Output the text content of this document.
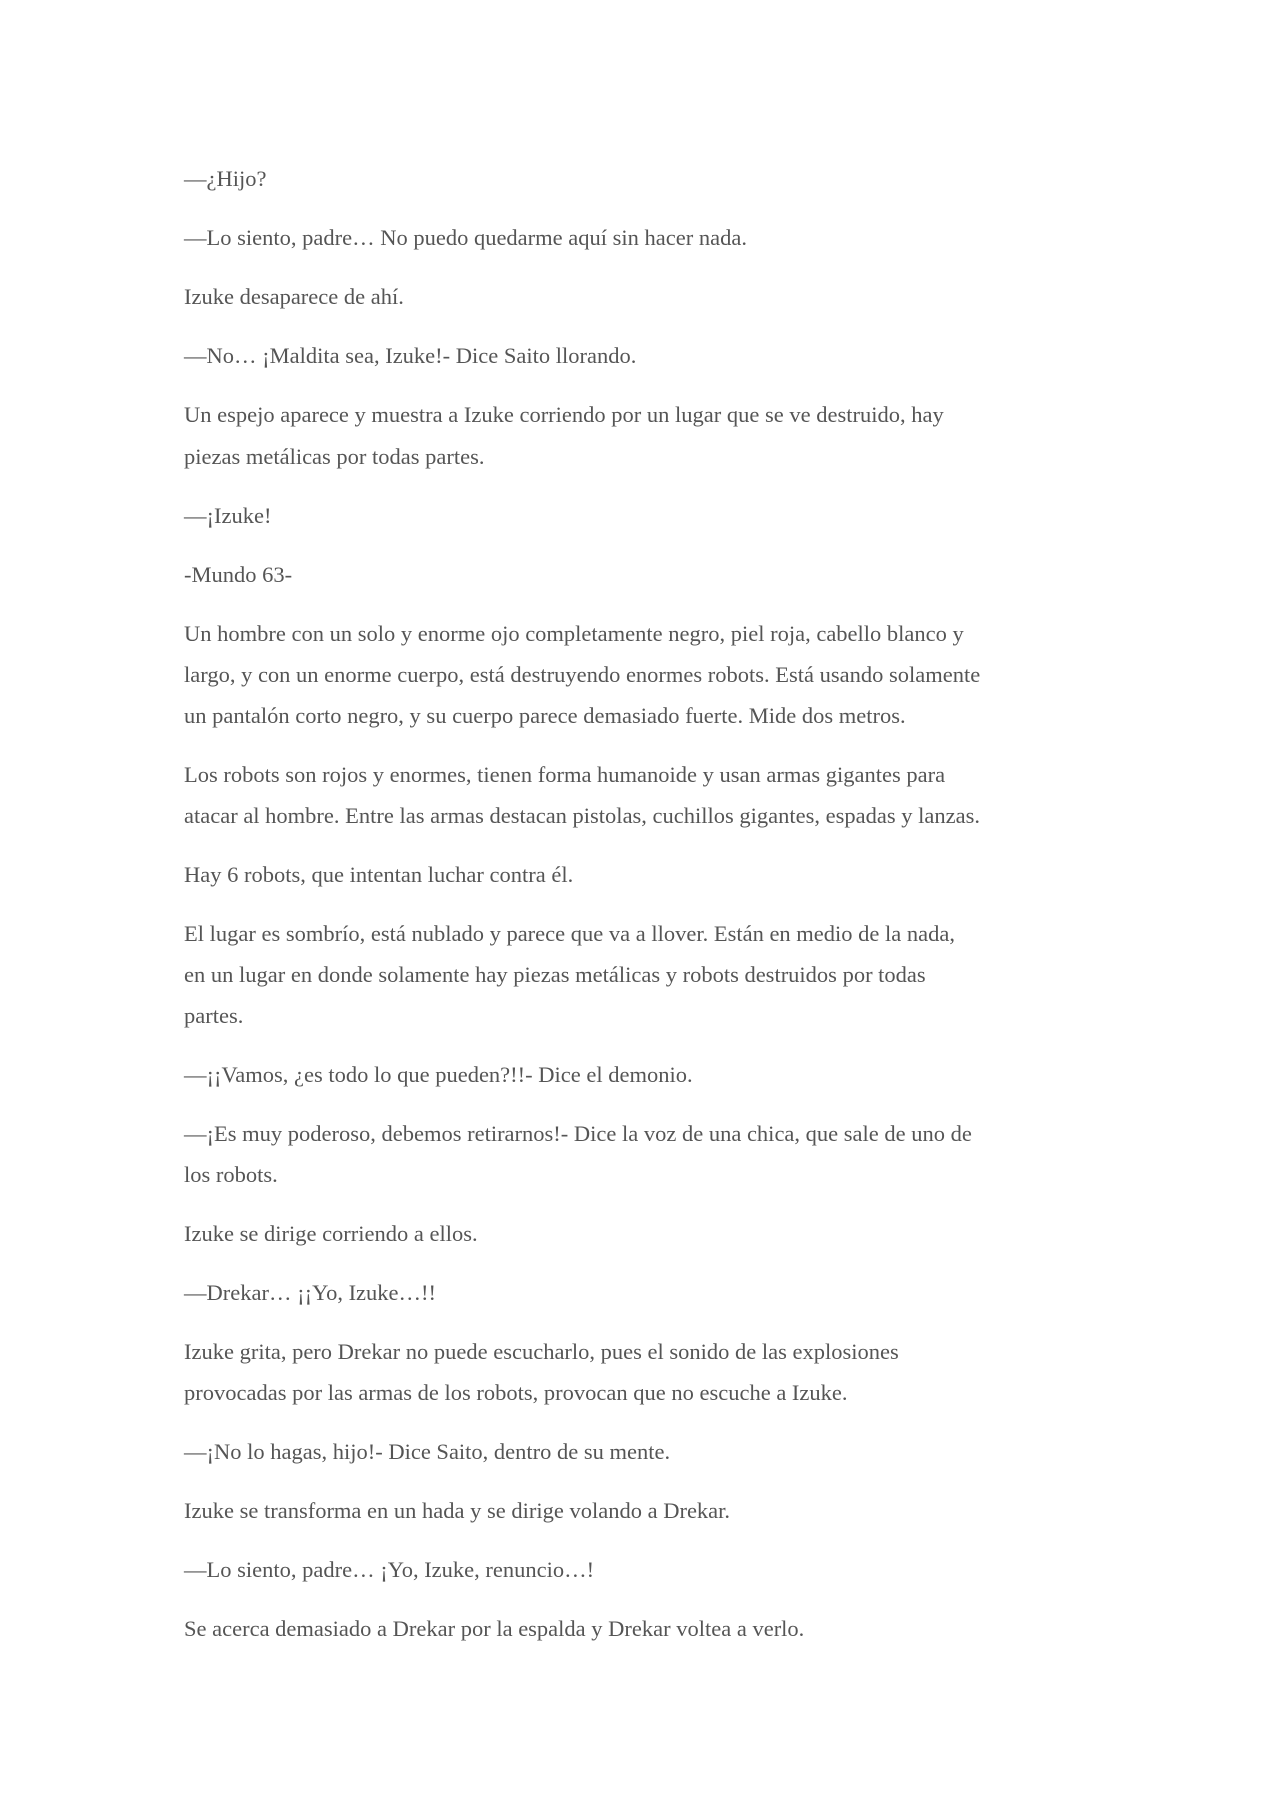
—¿Hijo?

—Lo siento, padre… No puedo quedarme aquí sin hacer nada.

Izuke desaparece de ahí.

—No… ¡Maldita sea, Izuke!- Dice Saito llorando.

Un espejo aparece y muestra a Izuke corriendo por un lugar que se ve destruido, hay

piezas metálicas por todas partes.

—¡Izuke!

-Mundo 63-

Un hombre con un solo y enorme ojo completamente negro, piel roja, cabello blanco y

largo, y con un enorme cuerpo, está destruyendo enormes robots. Está usando solamente

un pantalón corto negro, y su cuerpo parece demasiado fuerte. Mide dos metros.

Los robots son rojos y enormes, tienen forma humanoide y usan armas gigantes para

atacar al hombre. Entre las armas destacan pistolas, cuchillos gigantes, espadas y lanzas.

Hay 6 robots, que intentan luchar contra él.

El lugar es sombrío, está nublado y parece que va a llover. Están en medio de la nada,

en un lugar en donde solamente hay piezas metálicas y robots destruidos por todas

partes.

—¡¡Vamos, ¿es todo lo que pueden?!!- Dice el demonio.

—¡Es muy poderoso, debemos retirarnos!- Dice la voz de una chica, que sale de uno de

los robots.

Izuke se dirige corriendo a ellos.

—Drekar… ¡¡Yo, Izuke…!!

Izuke grita, pero Drekar no puede escucharlo, pues el sonido de las explosiones

provocadas por las armas de los robots, provocan que no escuche a Izuke.

—¡No lo hagas, hijo!- Dice Saito, dentro de su mente.

Izuke se transforma en un hada y se dirige volando a Drekar.

—Lo siento, padre… ¡Yo, Izuke, renuncio…!

Se acerca demasiado a Drekar por la espalda y Drekar voltea a verlo.
